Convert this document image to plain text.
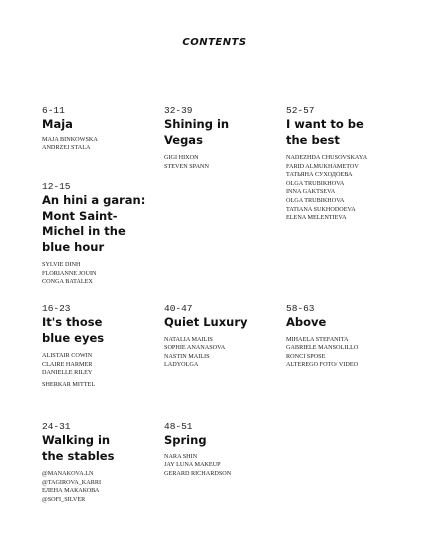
CONTENTS
6-11
Maja
MAJA BINKOWSKA
ANDRZEJ STALA
32-39
Shining in Vegas
GIGI HIXON
STEVEN SPANN
52-57
I want to be the best
NADEZHDA CHUSOVSKAYA
FARID ALMUKHAMETOV
ТАТЬЯНА СУХОДОЕВА
OLGA TRUBIKHOVA
INNA GAKTSEVA
OLGA TRUBIKHOVA
TATIANA SUKHODOEVA
ELENA MELENTIEVA
12-15
An hini a garan: Mont Saint-Michel in the blue hour
SYLVIE DINH
FLORIANNE JOUIN
CONGA BATALEX
16-23
It's those blue eyes
ALISTAIR COWIN
CLAIRE HARMER
DANIELLE RILEY
SHERKAR MITTEL
40-47
Quiet Luxury
NATALIA MAILIS
SOPHIE ANANASOVA
NASTIN MAILIS
LADYOLGA
58-63
Above
MIHAELA STEFANITA
GABRIELE MANSOLILLO
RONCI SPOSE
ALTEREGO FOTO/ VIDEO
24-31
Walking in the stables
@MANAKOVA.LN
@TAGIROVA_KARRI
ЕЛЕНА МАКАКОВА
@SOFI_SILVER
48-51
Spring
NARA SHIN
JAY LUNA MAKEUP
GERARD RICHARDSON
